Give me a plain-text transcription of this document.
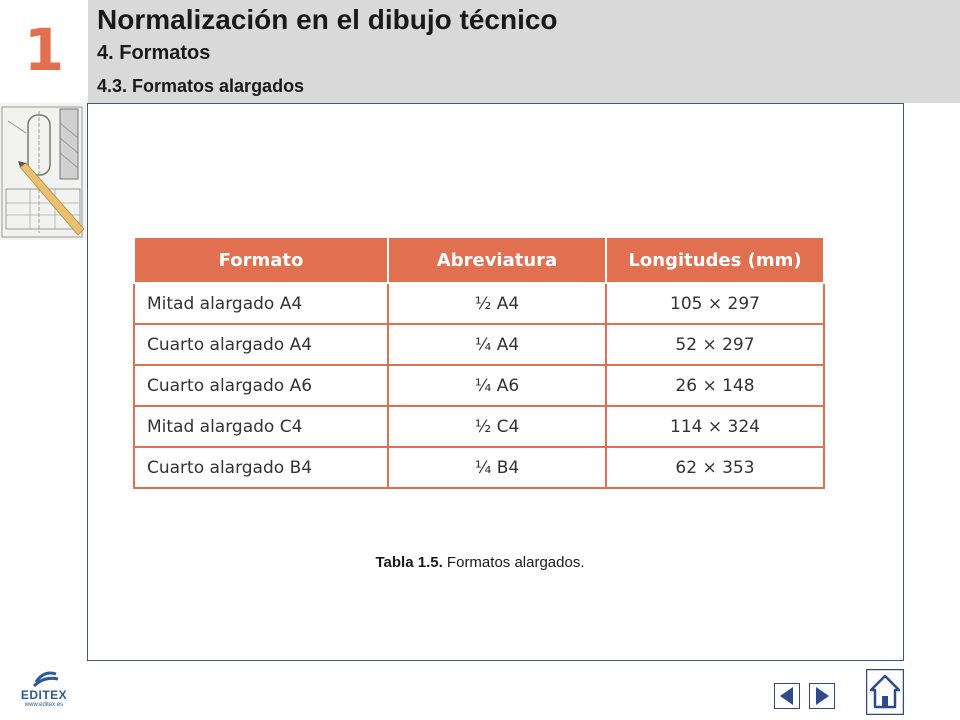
1 Normalización en el dibujo técnico
4. Formatos
4.3. Formatos alargados
Formato	Abreviatura	Longitudes (mm)
Mitad alargado A4	½ A4	105 × 297
Cuarto alargado A4	¼ A4	52 × 297
Cuarto alargado A6	¼ A6	26 × 148
Mitad alargado C4	½ C4	114 × 324
Cuarto alargado B4	¼ B4	62 × 353
Tabla 1.5. Formatos alargados.
EDITEX
www.editex.es
